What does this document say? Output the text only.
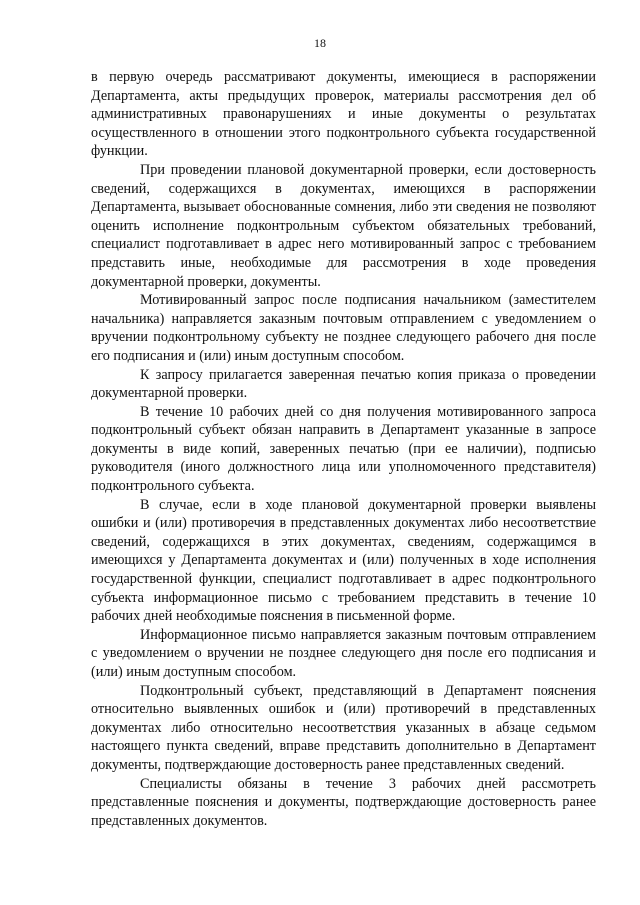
18

в первую очередь рассматривают документы, имеющиеся в распоряжении Департамента, акты предыдущих проверок, материалы рассмотрения дел об административных правонарушениях и иные документы о результатах осуществленного в отношении этого подконтрольного субъекта государственной функции.

При проведении плановой документарной проверки, если достоверность сведений, содержащихся в документах, имеющихся в распоряжении Департамента, вызывает обоснованные сомнения, либо эти сведения не позволяют оценить исполнение подконтрольным субъектом обязательных требований, специалист подготавливает в адрес него мотивированный запрос с требованием представить иные, необходимые для рассмотрения в ходе проведения документарной проверки, документы.

Мотивированный запрос после подписания начальником (заместителем начальника) направляется заказным почтовым отправлением с уведомлением о вручении подконтрольному субъекту не позднее следующего рабочего дня после его подписания и (или) иным доступным способом.

К запросу прилагается заверенная печатью копия приказа о проведении документарной проверки.

В течение 10 рабочих дней со дня получения мотивированного запроса подконтрольный субъект обязан направить в Департамент указанные в запросе документы в виде копий, заверенных печатью (при ее наличии), подписью руководителя (иного должностного лица или уполномоченного представителя) подконтрольного субъекта.

В случае, если в ходе плановой документарной проверки выявлены ошибки и (или) противоречия в представленных документах либо несоответствие сведений, содержащихся в этих документах, сведениям, содержащимся в имеющихся у Департамента документах и (или) полученных в ходе исполнения государственной функции, специалист подготавливает в адрес подконтрольного субъекта информационное письмо с требованием представить в течение 10 рабочих дней необходимые пояснения в письменной форме.

Информационное письмо направляется заказным почтовым отправлением с уведомлением о вручении не позднее следующего дня после его подписания и (или) иным доступным способом.

Подконтрольный субъект, представляющий в Департамент пояснения относительно выявленных ошибок и (или) противоречий в представленных документах либо относительно несоответствия указанных в абзаце седьмом настоящего пункта сведений, вправе представить дополнительно в Департамент документы, подтверждающие достоверность ранее представленных сведений.

Специалисты обязаны в течение 3 рабочих дней рассмотреть представленные пояснения и документы, подтверждающие достоверность ранее представленных документов.
